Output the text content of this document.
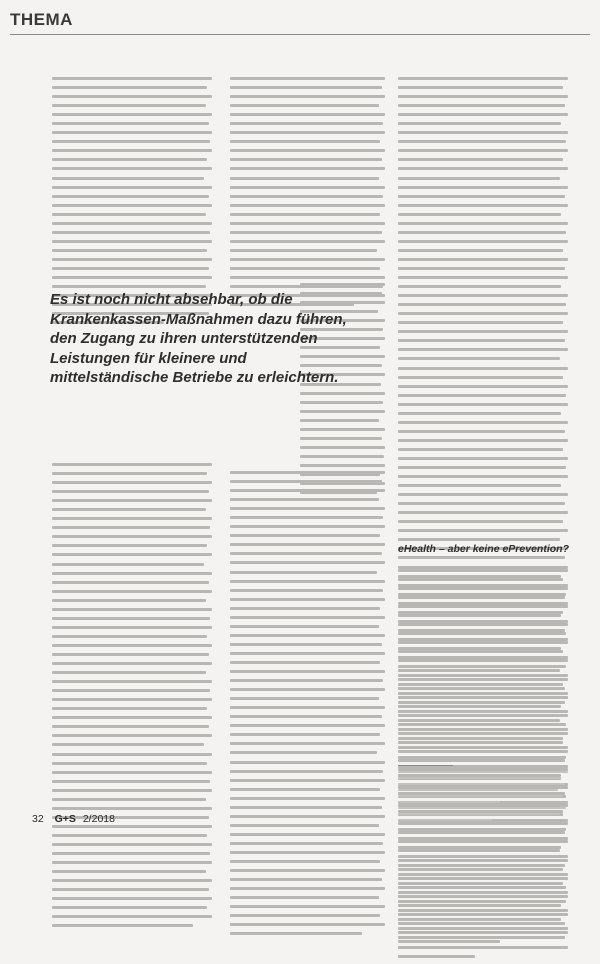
THEMA

Es ist noch nicht absehbar, ob die Krankenkassen-Maßnahmen dazu führen, den Zugang zu ihren unterstützenden Leistungen für kleinere und mittelständische Betriebe zu erleichtern.

eHealth – aber keine ePrevention?
32 G+S 2/2018
